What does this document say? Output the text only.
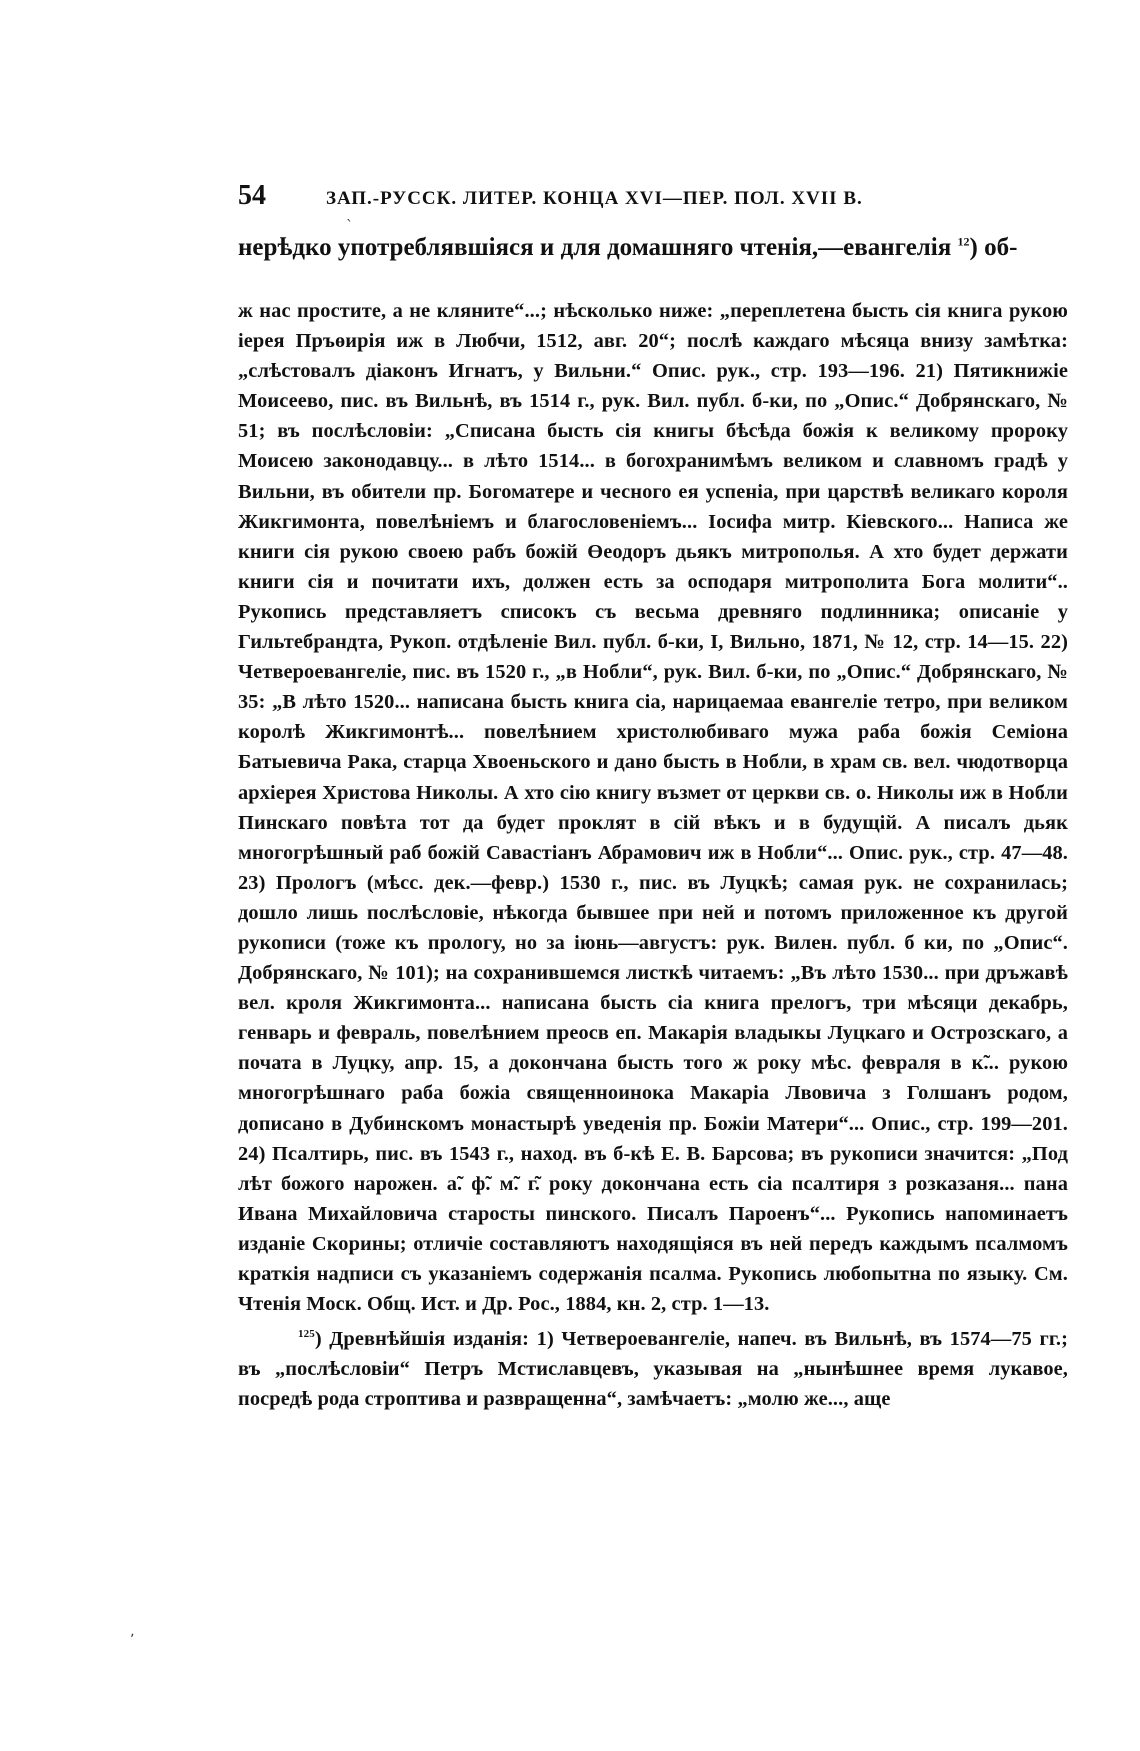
54	ЗАП.-РУССК. ЛИТЕР. КОНЦА XVI—ПЕР. ПОЛ. XVII В.
ˎ
нерѣдко употреблявшіяся и для домашняго чтенія,—евангелія $^{12}$) об-

ж нас простите, а не кляните“...; нѣсколько ниже: „переплетена бысть сія книга рукою іерея Пръөирія иж в Любчи, 1512, авг. 20“; послѣ каждаго мѣсяца внизу замѣтка: „слѣстовалъ діаконъ Игнатъ, у Вильни.“ Опис. рук., стр. 193—196. 21) Пятикнижіе Моисеево, пис. въ Вильнѣ, въ 1514 г., рук. Вил. публ. б-ки, по „Опис.“ Добрянскаго, № 51; въ послѣсловіи: „Списана бысть сія книгы бѣсѣда божія к великому пророку Моисею законодавцу... в лѣто 1514... в богохранимѣмъ великом и славномъ градѣ у Вильни, въ обители пр. Богоматере и чесного ея успеніа, при царствѣ великаго короля Жикгимонта, повелѣніемъ и благословеніемъ... Іосифа митр. Кіевского... Написа же книги сія рукою своею рабъ божій Өеодоръ дьякъ митрополья. А хто будет держати книги сія и почитати ихъ, должен есть за осподаря митрополита Бога молити“.. Рукопись представляетъ списокъ съ весьма древняго подлинника; описаніе у Гильтебрандта, Рукоп. отдѣленіе Вил. публ. б-ки, I, Вильно, 1871, № 12, стр. 14—15. 22) Четвероевангеліе, пис. въ 1520 г., „в Нобли“, рук. Вил. б-ки, по „Опис.“ Добрянскаго, № 35: „В лѣто 1520... написана бысть книга сіа, нарицаемаа евангеліе тетро, при великом королѣ Жикгимонтѣ... повелѣнием христолюбиваго мужа раба божія Семіона Батыевича Рака, старца Хвоеньского и дано бысть в Нобли, в храм св. вел. чюдотворца архіерея Христова Николы. А хто сію книгу възмет от церкви св. о. Николы иж в Нобли Пинскаго повѣта тот да будет проклят в сій вѣкъ и в будущій. А писалъ дьяк многогрѣшный раб божій Савастіанъ Абрамович иж в Нобли“... Опис. рук., стр. 47—48. 23) Прологъ (мѣсс. дек.—февр.) 1530 г., пис. въ Луцкѣ; самая рук. не сохранилась; дошло лишь послѣсловіе, нѣкогда бывшее при ней и потомъ приложенное къ другой рукописи (тоже къ прологу, но за іюнь—августъ: рук. Вилен. публ. б ки, по „Опис“. Добрянскаго, № 101); на сохранившемся листкѣ читаемъ: „Въ лѣто 1530... при дръжавѣ вел. кроля Жикгимонта... написана бысть сіа книга прелогъ, три мѣсяци декабрь, генварь и февраль, повелѣнием преосв еп. Макарія владыкы Луцкаго и Острозскаго, а почата в Луцку, апр. 15, а докончана бысть того ж року мѣс. февраля в к̃... рукою многогрѣшнаго раба божіа священноинока Макаріа Лвовича з Голшанъ родом, дописано в Дубинскомъ монастырѣ уведенія пр. Божіи Матери“... Опис., стр. 199—201. 24) Псалтирь, пис. въ 1543 г., наход. въ б-кѣ Е. В. Барсова; въ рукописи значится: „Под лѣт божого нарожен. а̃. ф̃. м̃. г̃. року докончана есть сіа псалтиря з розказаня... пана Ивана Михайловича старосты пинского. Писалъ Пароенъ“... Рукопись напоминаетъ изданіе Скорины; отличіе составляютъ находящіяся въ ней передъ каждымъ псалмомъ краткія надписи съ указаніемъ содержанія псалма. Рукопись любопытна по языку. См. Чтенія Моск. Общ. Ист. и Др. Рос., 1884, кн. 2, стр. 1—13.

$^{125}$) Древнѣйшія изданія: 1) Четвероевангеліе, напеч. въ Вильнѣ, въ 1574—75 гг.; въ „послѣсловіи“ Петръ Мстиславцевъ, указывая на „нынѣшнее время лукавое, посредѣ рода строптива и развращенна“, замѣчаетъ: „молю же..., аще

ʼ
